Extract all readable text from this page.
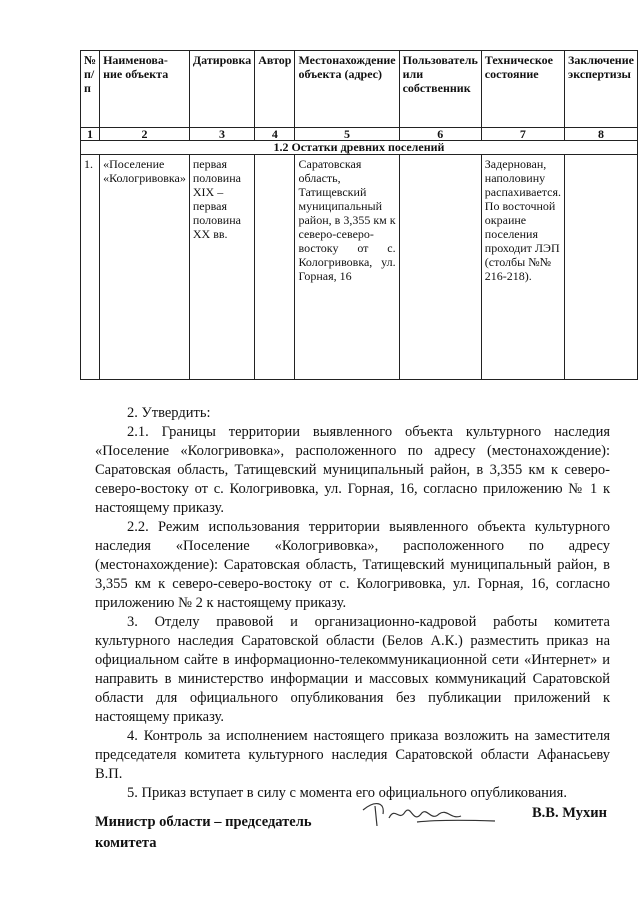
№ п/п	Наименова-ние объекта	Датировка	Автор	Местонахождение объекта (адрес)	Пользователь или собственник	Техническое состояние	Заключение экспертизы
1	2	3	4	5	6	7	8
1.2 Остатки древних поселений							
1.	«Поселение «Кологривовка»	первая половина XIX – первая половина XX вв.		Саратовская область, Татищевский муниципальный район, в 3,355 км к северо-северо-востоку от с. Кологривовка, ул. Горная, 16		Задернован, наполовину распахивается. По восточной окраине поселения проходит ЛЭП (столбы №№ 216-218).	

2. Утвердить:

2.1. Границы территории выявленного объекта культурного наследия «Поселение «Кологривовка», расположенного по адресу (местонахождение): Саратовская область, Татищевский муниципальный район, в 3,355 км к северо-северо-востоку от с. Кологривовка, ул. Горная, 16, согласно приложению № 1 к настоящему приказу.

2.2. Режим использования территории выявленного объекта культурного наследия «Поселение «Кологривовка», расположенного по адресу (местонахождение): Саратовская область, Татищевский муниципальный район, в 3,355 км к северо-северо-востоку от с. Кологривовка, ул. Горная, 16, согласно приложению № 2 к настоящему приказу.

3. Отделу правовой и организационно-кадровой работы комитета культурного наследия Саратовской области (Белов А.К.) разместить приказ на официальном сайте в информационно-телекоммуникационной сети «Интернет» и направить в министерство информации и массовых коммуникаций Саратовской области для официального опубликования без публикации приложений к настоящему приказу.

4. Контроль за исполнением настоящего приказа возложить на заместителя председателя комитета культурного наследия Саратовской области Афанасьеву В.П.

5. Приказ вступает в силу с момента его официального опубликования.

Министр области – председатель
комитета
В.В. Мухин
